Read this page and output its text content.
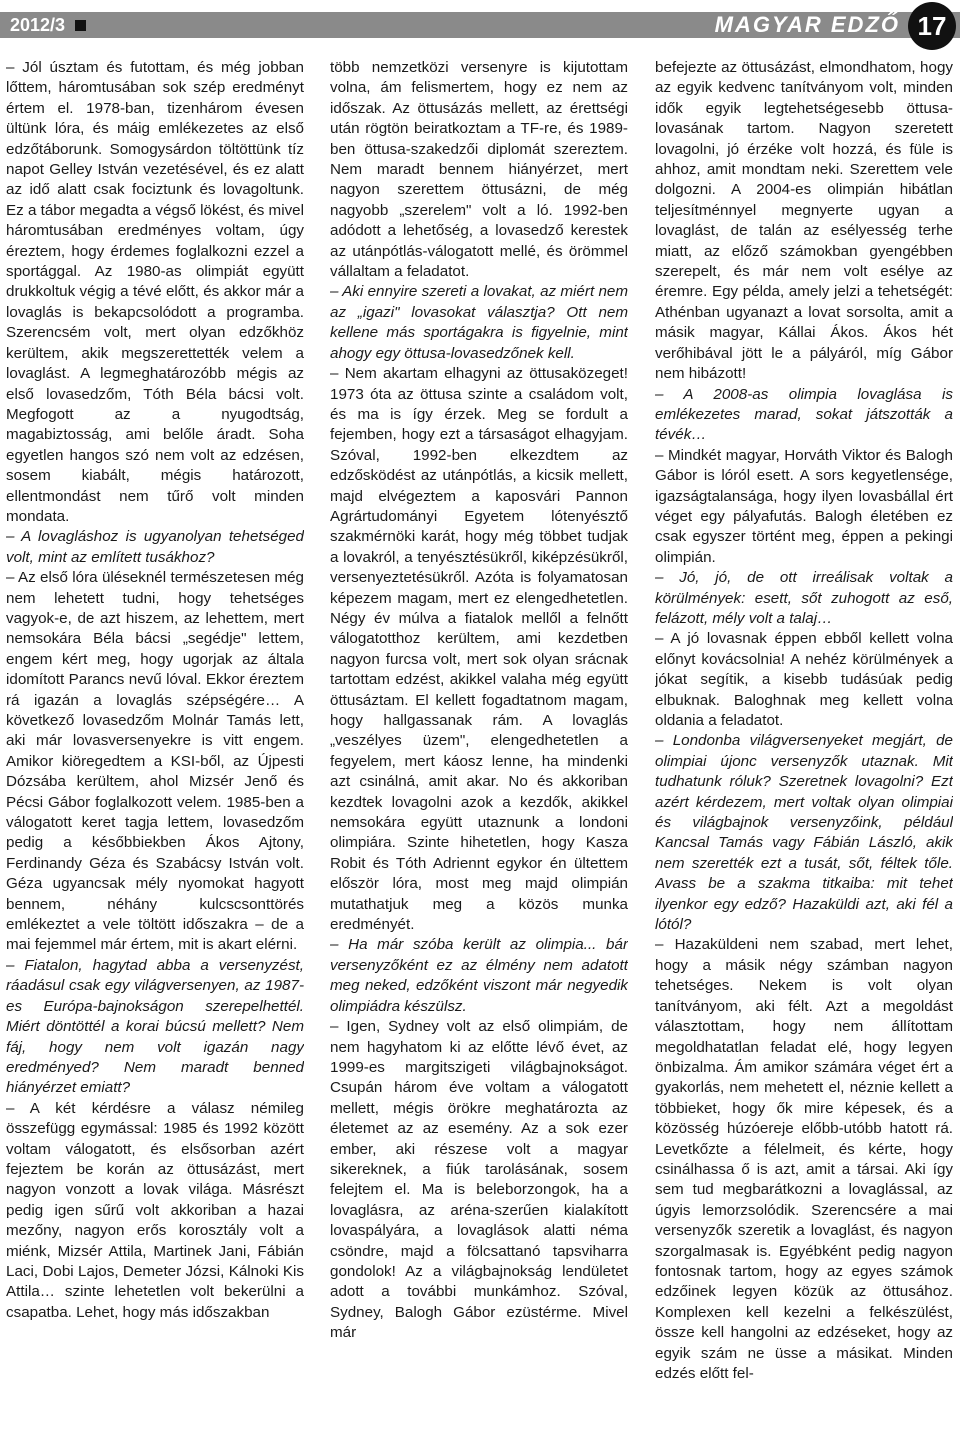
2012/3	MAGYAR EDZŐ 17

– Jól úsztam és futottam, és még jobban lőttem, háromtusában sok szép eredményt értem el. 1978-ban, tizenhárom évesen ültünk lóra, és máig emlékezetes az első edzőtáborunk. Somogysárdon töltöttünk tíz napot Gelley István vezetésével, és ez alatt az idő alatt csak fociztunk és lovagoltunk. Ez a tábor megadta a végső lökést, és mivel háromtusában eredményes voltam, úgy éreztem, hogy érdemes foglalkozni ezzel a sportággal. Az 1980-as olimpiát együtt drukkoltuk végig a tévé előtt, és akkor már a lovaglás is bekapcsolódott a programba. Szerencsém volt, mert olyan edzőkhöz kerültem, akik megszerettették velem a lovaglást. A legmeghatározóbb mégis az első lovasedzőm, Tóth Béla bácsi volt. Megfogott az a nyugodtság, magabiztosság, ami belőle áradt. Soha egyetlen hangos szó nem volt az edzésen, sosem kiabált, mégis határozott, ellentmondást nem tűrő volt minden mondata.

– A lovagláshoz is ugyanolyan tehetséged volt, mint az említett tusákhoz?

– Az első lóra üléseknél természetesen még nem lehetett tudni, hogy tehetséges vagyok-e, de azt hiszem, az lehettem, mert nemsokára Béla bácsi „segédje" lettem, engem kért meg, hogy ugorjak az általa idomított Parancs nevű lóval. Ekkor éreztem rá igazán a lovaglás szépségére… A következő lovasedzőm Molnár Tamás lett, aki már lovasversenyekre is vitt engem. Amikor kiöregedtem a KSI-ből, az Újpesti Dózsába kerültem, ahol Mizsér Jenő és Pécsi Gábor foglalkozott velem. 1985-ben a válogatott keret tagja lettem, lovasedzőm pedig a későbbiekben Ákos Ajtony, Ferdinandy Géza és Szabácsy István volt. Géza ugyancsak mély nyomokat hagyott bennem, néhány kulcscsonttörés emlékeztet a vele töltött időszakra – de a mai fejemmel már értem, mit is akart elérni.

– Fiatalon, hagytad abba a versenyzést, ráadásul csak egy világversenyen, az 1987-es Európa-bajnokságon szerepelhettél. Miért döntöttél a korai búcsú mellett? Nem fáj, hogy nem volt igazán nagy eredményed? Nem maradt benned hiányérzet emiatt?

– A két kérdésre a válasz némileg összefügg egymással: 1985 és 1992 között voltam válogatott, és elsősorban azért fejeztem be korán az öttusázást, mert nagyon vonzott a lovak világa. Másrészt pedig igen sűrű volt akkoriban a hazai mezőny, nagyon erős korosztály volt a miénk, Mizsér Attila, Martinek Jani, Fábián Laci, Dobi Lajos, Demeter Józsi, Kálnoki Kis Attila… szinte lehetetlen volt bekerülni a csapatba. Lehet, hogy más időszakban

több nemzetközi versenyre is kijutottam volna, ám felismertem, hogy ez nem az időszak. Az öttusázás mellett, az érettségi után rögtön beiratkoztam a TF-re, és 1989-ben öttusa-szakedzői diplomát szereztem. Nem maradt bennem hiányérzet, mert nagyon szerettem öttusázni, de még nagyobb „szerelem" volt a ló. 1992-ben adódott a lehetőség, a lovasedző kerestek az utánpótlás-válogatott mellé, és örömmel vállaltam a feladatot.

– Aki ennyire szereti a lovakat, az miért nem az „igazi" lovasokat választja? Ott nem kellene más sportágakra is figyelnie, mint ahogy egy öttusa-lovasedzőnek kell.

– Nem akartam elhagyni az öttusaközeget! 1973 óta az öttusa szinte a családom volt, és ma is így érzek. Meg se fordult a fejemben, hogy ezt a társaságot elhagyjam. Szóval, 1992-ben elkezdtem az edzősködést az utánpótlás, a kicsik mellett, majd elvégeztem a kaposvári Pannon Agrártudományi Egyetem lótenyésztő szakmérnöki karát, hogy még többet tudjak a lovakról, a tenyésztésükről, kiképzésükről, versenyeztetésükről. Azóta is folyamatosan képezem magam, mert ez elengedhetetlen. Négy év múlva a fiatalok mellől a felnőtt válogatotthoz kerültem, ami kezdetben nagyon furcsa volt, mert sok olyan srácnak tartottam edzést, akikkel valaha még együtt öttusáztam. El kellett fogadtatnom magam, hogy hallgassanak rám. A lovaglás „veszélyes üzem", elengedhetetlen a fegyelem, mert káosz lenne, ha mindenki azt csinálná, amit akar. No és akkoriban kezdtek lovagolni azok a kezdők, akikkel nemsokára együtt utaznunk a londoni olimpiára. Szinte hihetetlen, hogy Kasza Robit és Tóth Adriennt egykor én ültettem először lóra, most meg majd olimpián mutathatjuk meg a közös munka eredményét.

– Ha már szóba került az olimpia... bár versenyzőként ez az élmény nem adatott meg neked, edzőként viszont már negyedik olimpiádra készülsz.

– Igen, Sydney volt az első olimpiám, de nem hagyhatom ki az előtte lévő évet, az 1999-es margitszigeti világbajnokságot. Csupán három éve voltam a válogatott mellett, mégis örökre meghatározta az életemet az az esemény. Az a sok ezer ember, aki részese volt a magyar sikereknek, a fiúk tarolásának, sosem felejtem el. Ma is beleborzongok, ha a lovaglásra, az aréna-szerűen kialakított lovaspályára, a lovaglások alatti néma csöndre, majd a fölcsattanó tapsviharra gondolok! Az a világbajnokság lendületet adott a további munkámhoz. Szóval, Sydney, Balogh Gábor ezüstérme. Mivel már

befejezte az öttusázást, elmondhatom, hogy az egyik kedvenc tanítványom volt, minden idők egyik legtehetségesebb öttusa-lovasának tartom. Nagyon szeretett lovagolni, jó érzéke volt hozzá, és füle is ahhoz, amit mondtam neki. Szerettem vele dolgozni. A 2004-es olimpián hibátlan teljesítménnyel megnyerte ugyan a lovaglást, de talán az esélyesség terhe miatt, az előző számokban gyengébben szerepelt, és már nem volt esélye az éremre. Egy példa, amely jelzi a tehetségét: Athénban ugyanazt a lovat sorsolta, amit a másik magyar, Kállai Ákos. Ákos hét verőhibával jött le a pályáról, míg Gábor nem hibázott!

– A 2008-as olimpia lovaglása is emlékezetes marad, sokat játszották a tévék…

– Mindkét magyar, Horváth Viktor és Balogh Gábor is lóról esett. A sors kegyetlensége, igazságtalansága, hogy ilyen lovasbállal ért véget egy pályafutás. Balogh életében ez csak egyszer történt meg, éppen a pekingi olimpián.

– Jó, jó, de ott irreálisak voltak a körülmények: esett, sőt zuhogott az eső, felázott, mély volt a talaj…

– A jó lovasnak éppen ebből kellett volna előnyt kovácsolnia! A nehéz körülmények a jókat segítik, a kisebb tudásúak pedig elbuknak. Baloghnak meg kellett volna oldania a feladatot.

– Londonba világversenyeket megjárt, de olimpiai újonc versenyzők utaznak. Mit tudhatunk róluk? Szeretnek lovagolni? Ezt azért kérdezem, mert voltak olyan olimpiai és világbajnok versenyzőink, például Kancsal Tamás vagy Fábián László, akik nem szerették ezt a tusát, sőt, féltek tőle. Avass be a szakma titkaiba: mit tehet ilyenkor egy edző? Hazaküldi azt, aki fél a lótól?

– Hazaküldeni nem szabad, mert lehet, hogy a másik négy számban nagyon tehetséges. Nekem is volt olyan tanítványom, aki félt. Azt a megoldást választottam, hogy nem állítottam megoldhatatlan feladat elé, hogy legyen önbizalma. Ám amikor számára véget ért a gyakorlás, nem mehetett el, néznie kellett a többieket, hogy ők mire képesek, és a közösség húzóereje előbb-utóbb hatott rá. Levetkőzte a félelmeit, és kérte, hogy csinálhassa ő is azt, amit a társai. Aki így sem tud megbarátkozni a lovaglással, az úgyis lemorzsolódik. Szerencsére a mai versenyzők szeretik a lovaglást, és nagyon szorgalmasak is. Egyébként pedig nagyon fontosnak tartom, hogy az egyes számok edzőinek legyen közük az öttusához. Komplexen kell kezelni a felkészülést, össze kell hangolni az edzéseket, hogy az egyik szám ne üsse a másikat. Minden edzés előtt fel-
